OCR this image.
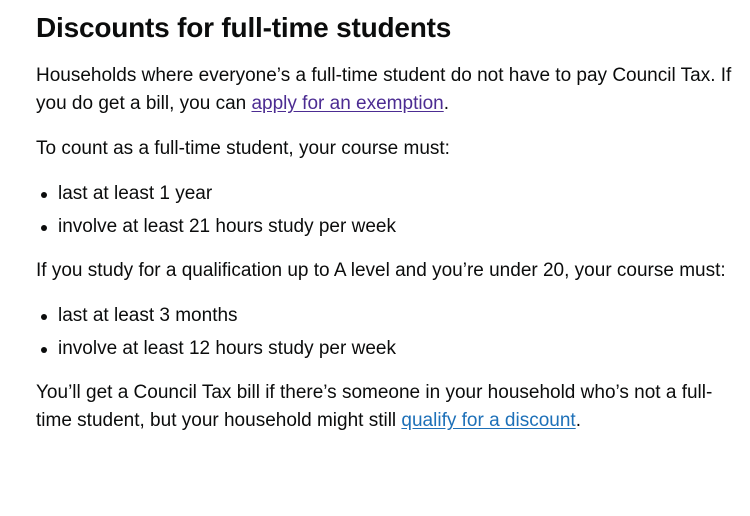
Discounts for full-time students

Households where everyone’s a full-time student do not have to pay Council Tax. If you do get a bill, you can apply for an exemption.

To count as a full-time student, your course must:

last at least 1 year
involve at least 21 hours study per week

If you study for a qualification up to A level and you’re under 20, your course must:

last at least 3 months
involve at least 12 hours study per week

You’ll get a Council Tax bill if there’s someone in your household who’s not a full-time student, but your household might still qualify for a discount.
